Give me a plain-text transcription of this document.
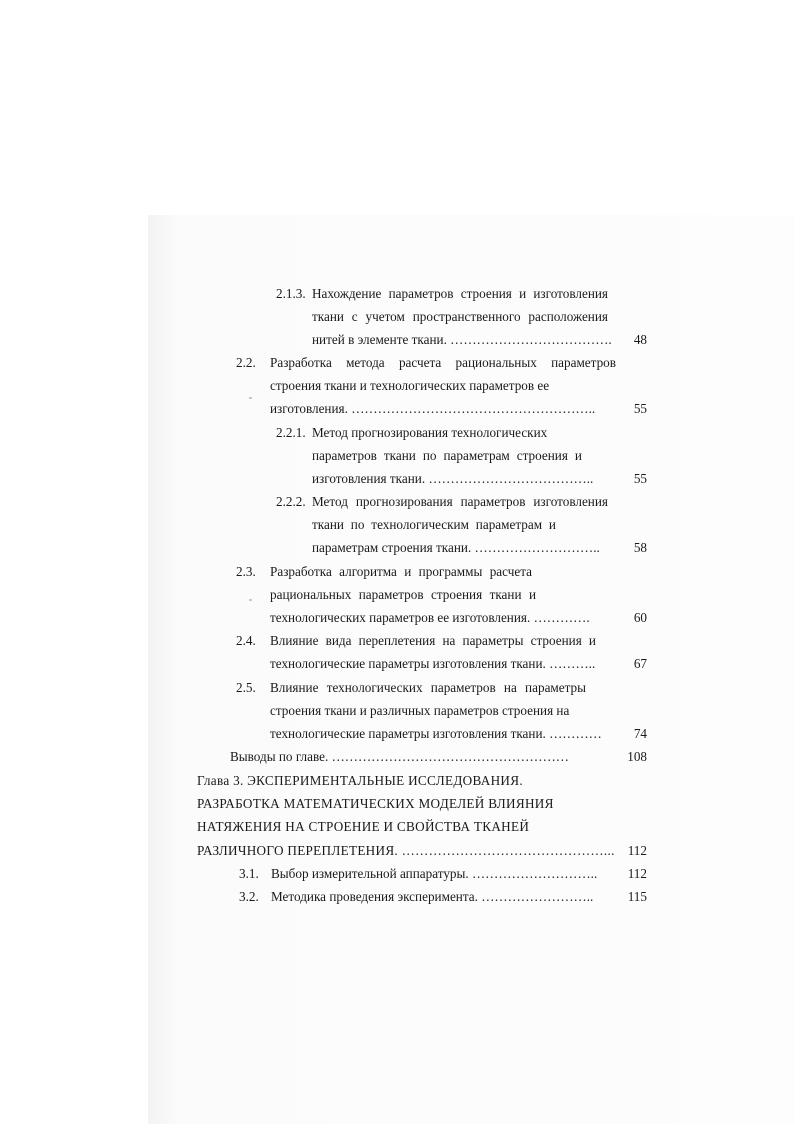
2.1.3. Нахождение параметров строения и изготовления
ткани с учетом пространственного расположения
нитей в элементе ткани. ……………………………….	48
2.2. Разработка метода расчета рациональных параметров
строения ткани и технологических параметров ее
изготовления. ………………………………………………..	55
2.2.1. Метод прогнозирования технологических
параметров ткани по параметрам строения и
изготовления ткани. ………………………………..	55
2.2.2. Метод прогнозирования параметров изготовления
ткани по технологическим параметрам и
параметрам строения ткани. ………………………..	58
2.3. Разработка алгоритма и программы расчета
рациональных параметров строения ткани и
технологических параметров ее изготовления. ………….	60
2.4. Влияние вида переплетения на параметры строения и
технологические параметры изготовления ткани. ………..	67
2.5. Влияние технологических параметров на параметры
строения ткани и различных параметров строения на
технологические параметры изготовления ткани. …………	74
Выводы по главе. ………………………………………………	108
Глава 3. ЭКСПЕРИМЕНТАЛЬНЫЕ ИССЛЕДОВАНИЯ.
РАЗРАБОТКА МАТЕМАТИЧЕСКИХ МОДЕЛЕЙ ВЛИЯНИЯ
НАТЯЖЕНИЯ НА СТРОЕНИЕ И СВОЙСТВА ТКАНЕЙ
РАЗЛИЧНОГО ПЕРЕПЛЕТЕНИЯ. ………………………………………... 112
3.1. Выбор измерительной аппаратуры. ………………………..	112
3.2. Методика проведения эксперимента. ……………………..	115
